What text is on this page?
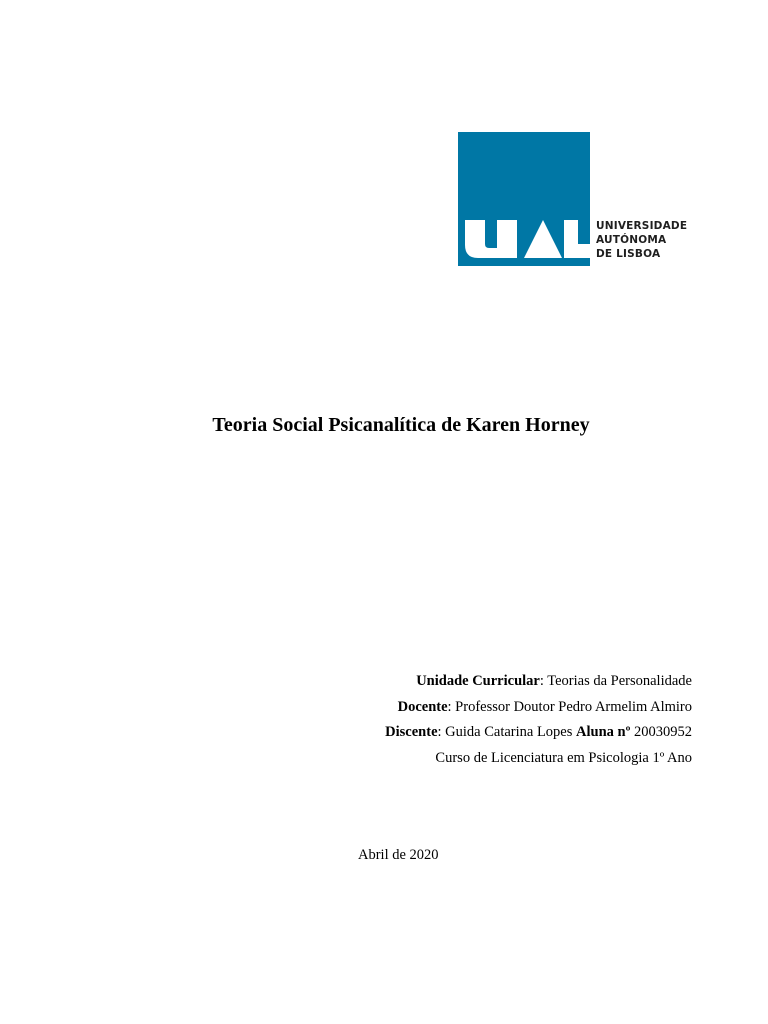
UNIVERSIDADE
AUTÓNOMA
DE LISBOA
Teoria Social Psicanalítica de Karen Horney
Unidade Curricular: Teorias da Personalidade
Docente: Professor Doutor Pedro Armelim Almiro
Discente: Guida Catarina Lopes Aluna nº 20030952
Curso de Licenciatura em Psicologia 1º Ano
Abril de 2020
